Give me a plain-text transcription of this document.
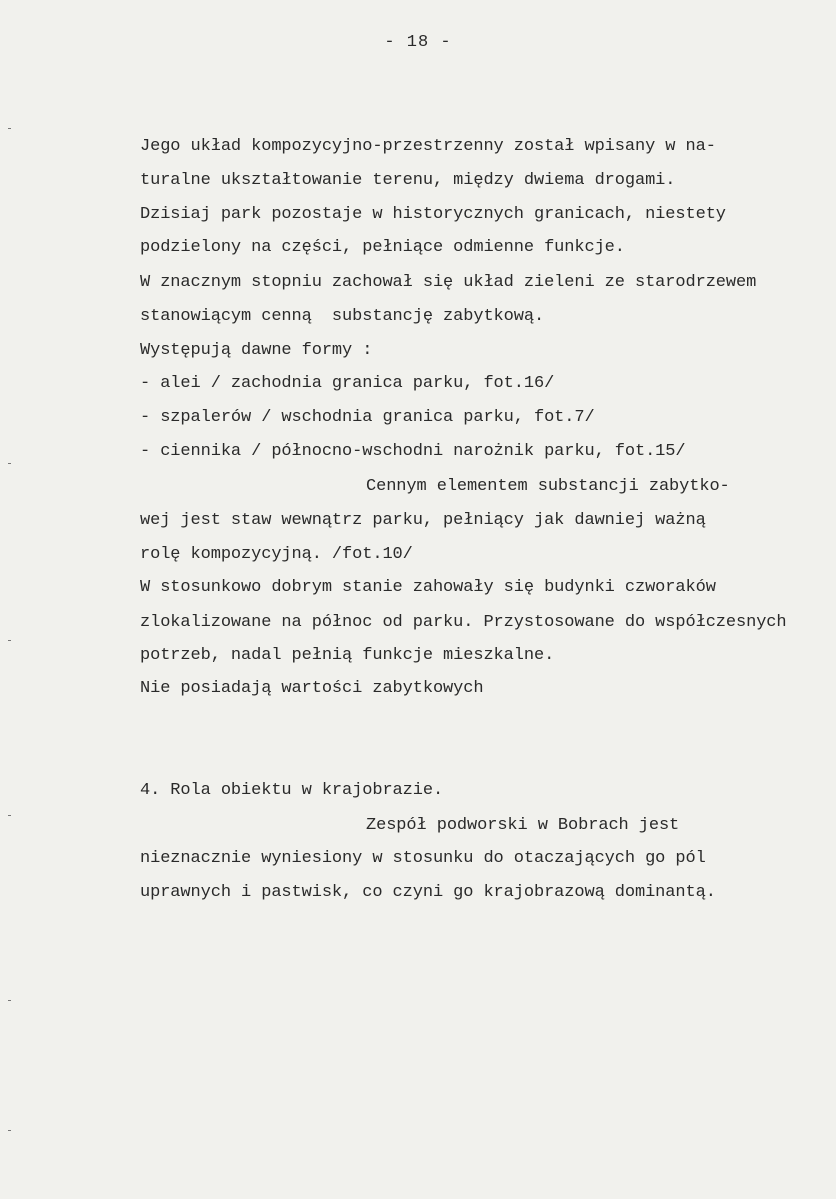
- 18 -
Jego układ kompozycyjno-przestrzenny został wpisany w na-
turalne ukształtowanie terenu, między dwiema drogami.
Dzisiaj park pozostaje w historycznych granicach, niestety
podzielony na części, pełniące odmienne funkcje.
W znacznym stopniu zachował się układ zieleni ze starodrzewem
stanowiącym cenną  substancję zabytkową.
Występują dawne formy :
- alei / zachodnia granica parku, fot.16/
- szpalerów / wschodnia granica parku, fot.7/
- ciennika / północno-wschodni narożnik parku, fot.15/
Cennym elementem substancji zabytko-
wej jest staw wewnątrz parku, pełniący jak dawniej ważną
rolę kompozycyjną. /fot.10/
W stosunkowo dobrym stanie zahowały się budynki czworaków
zlokalizowane na północ od parku. Przystosowane do współczesnych
potrzeb, nadal pełnią funkcje mieszkalne.
Nie posiadają wartości zabytkowych
4. Rola obiektu w krajobrazie.
Zespół podworski w Bobrach jest
nieznacznie wyniesiony w stosunku do otaczających go pól
uprawnych i pastwisk, co czyni go krajobrazową dominantą.
